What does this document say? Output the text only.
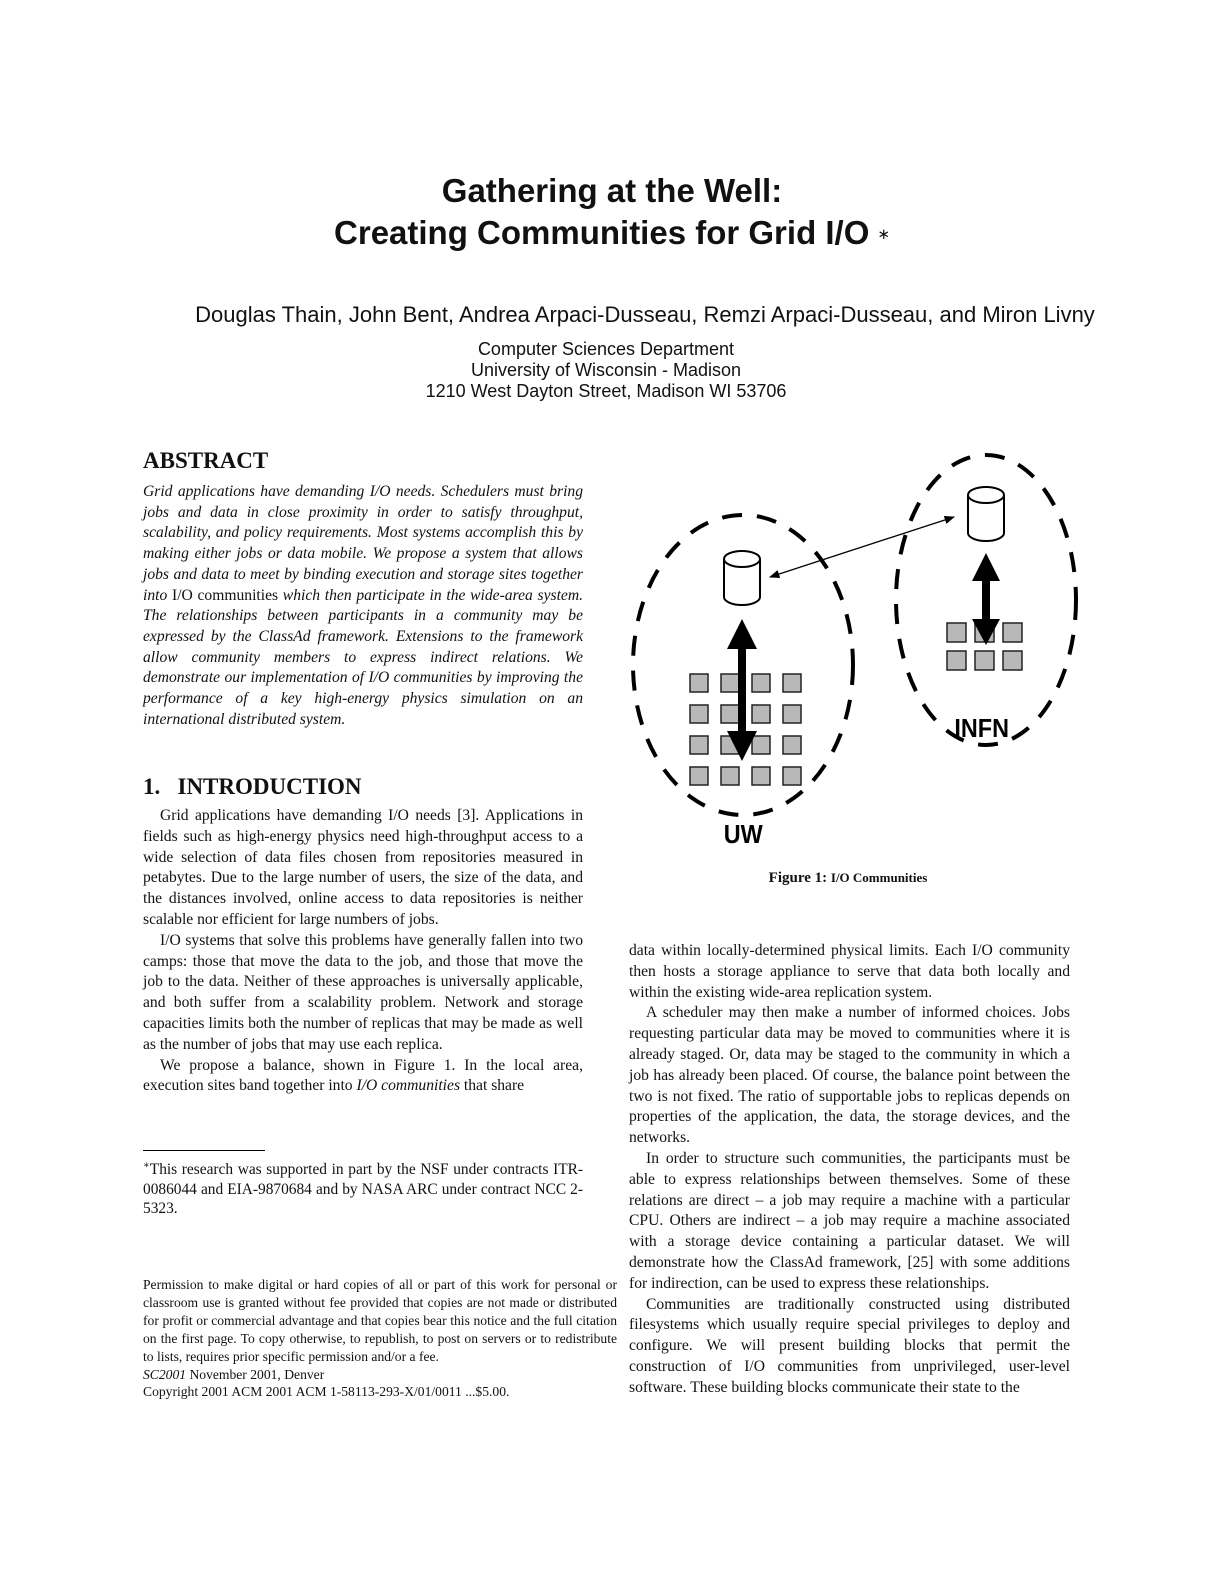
Gathering at the Well:
Creating Communities for Grid I/O ∗
Douglas Thain, John Bent, Andrea Arpaci-Dusseau, Remzi Arpaci-Dusseau, and Miron Livny
Computer Sciences Department
University of Wisconsin - Madison
1210 West Dayton Street, Madison WI 53706
ABSTRACT

Grid applications have demanding I/O needs. Schedulers must bring jobs and data in close proximity in order to satisfy throughput, scalability, and policy requirements. Most systems accomplish this by making either jobs or data mobile. We propose a system that allows jobs and data to meet by binding execution and storage sites together into I/O communities which then participate in the wide-area system. The relationships between participants in a community may be expressed by the ClassAd framework. Extensions to the framework allow community members to express indirect relations. We demonstrate our implementation of I/O communities by improving the performance of a key high-energy physics simulation on an international distributed system.

1.   INTRODUCTION

Grid applications have demanding I/O needs [3]. Applications in fields such as high-energy physics need high-throughput access to a wide selection of data files chosen from repositories measured in petabytes. Due to the large number of users, the size of the data, and the distances involved, online access to data repositories is neither scalable nor efficient for large numbers of jobs.

I/O systems that solve this problems have generally fallen into two camps: those that move the data to the job, and those that move the job to the data. Neither of these approaches is universally applicable, and both suffer from a scalability problem. Network and storage capacities limits both the number of replicas that may be made as well as the number of jobs that may use each replica.

We propose a balance, shown in Figure 1. In the local area, execution sites band together into I/O communities that share

∗This research was supported in part by the NSF under contracts ITR-0086044 and EIA-9870684 and by NASA ARC under contract NCC 2-5323.

Permission to make digital or hard copies of all or part of this work for personal or classroom use is granted without fee provided that copies are not made or distributed for profit or commercial advantage and that copies bear this notice and the full citation on the first page. To copy otherwise, to republish, to post on servers or to redistribute to lists, requires prior specific permission and/or a fee.
SC2001 November 2001, Denver
Copyright 2001 ACM 2001 ACM 1-58113-293-X/01/0011 ...$5.00.
UW
INFN
Figure 1: I/O Communities

data within locally-determined physical limits. Each I/O community then hosts a storage appliance to serve that data both locally and within the existing wide-area replication system.

A scheduler may then make a number of informed choices. Jobs requesting particular data may be moved to communities where it is already staged. Or, data may be staged to the community in which a job has already been placed. Of course, the balance point between the two is not fixed. The ratio of supportable jobs to replicas depends on properties of the application, the data, the storage devices, and the networks.

In order to structure such communities, the participants must be able to express relationships between themselves. Some of these relations are direct – a job may require a machine with a particular CPU. Others are indirect – a job may require a machine associated with a storage device containing a particular dataset. We will demonstrate how the ClassAd framework, [25] with some additions for indirection, can be used to express these relationships.

Communities are traditionally constructed using distributed filesystems which usually require special privileges to deploy and configure. We will present building blocks that permit the construction of I/O communities from unprivileged, user-level software. These building blocks communicate their state to the
